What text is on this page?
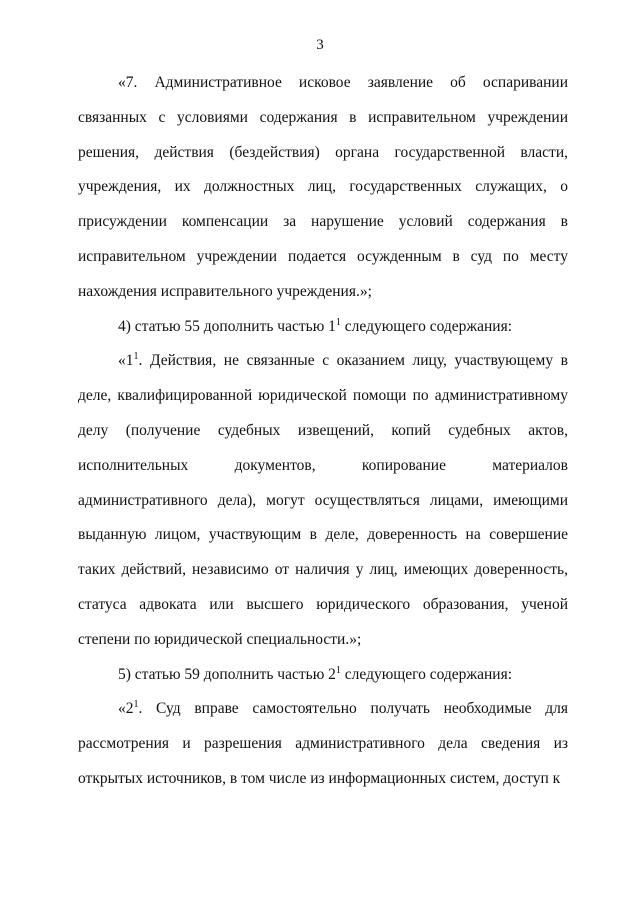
3

«7. Административное исковое заявление об оспаривании связанных с условиями содержания в исправительном учреждении решения, действия (бездействия) органа государственной власти, учреждения, их должностных лиц, государственных служащих, о присуждении компенсации за нарушение условий содержания в исправительном учреждении подается осужденным в суд по месту нахождения исправительного учреждения.»;

4) статью 55 дополнить частью $1^1$ следующего содержания:

«$1^1$. Действия, не связанные с оказанием лицу, участвующему в деле, квалифицированной юридической помощи по административному делу (получение судебных извещений, копий судебных актов, исполнительных документов, копирование материалов административного дела), могут осуществляться лицами, имеющими выданную лицом, участвующим в деле, доверенность на совершение таких действий, независимо от наличия у лиц, имеющих доверенность, статуса адвоката или высшего юридического образования, ученой степени по юридической специальности.»;

5) статью 59 дополнить частью $2^1$ следующего содержания:

«$2^1$. Суд вправе самостоятельно получать необходимые для рассмотрения и разрешения административного дела сведения из открытых источников, в том числе из информационных систем, доступ к
